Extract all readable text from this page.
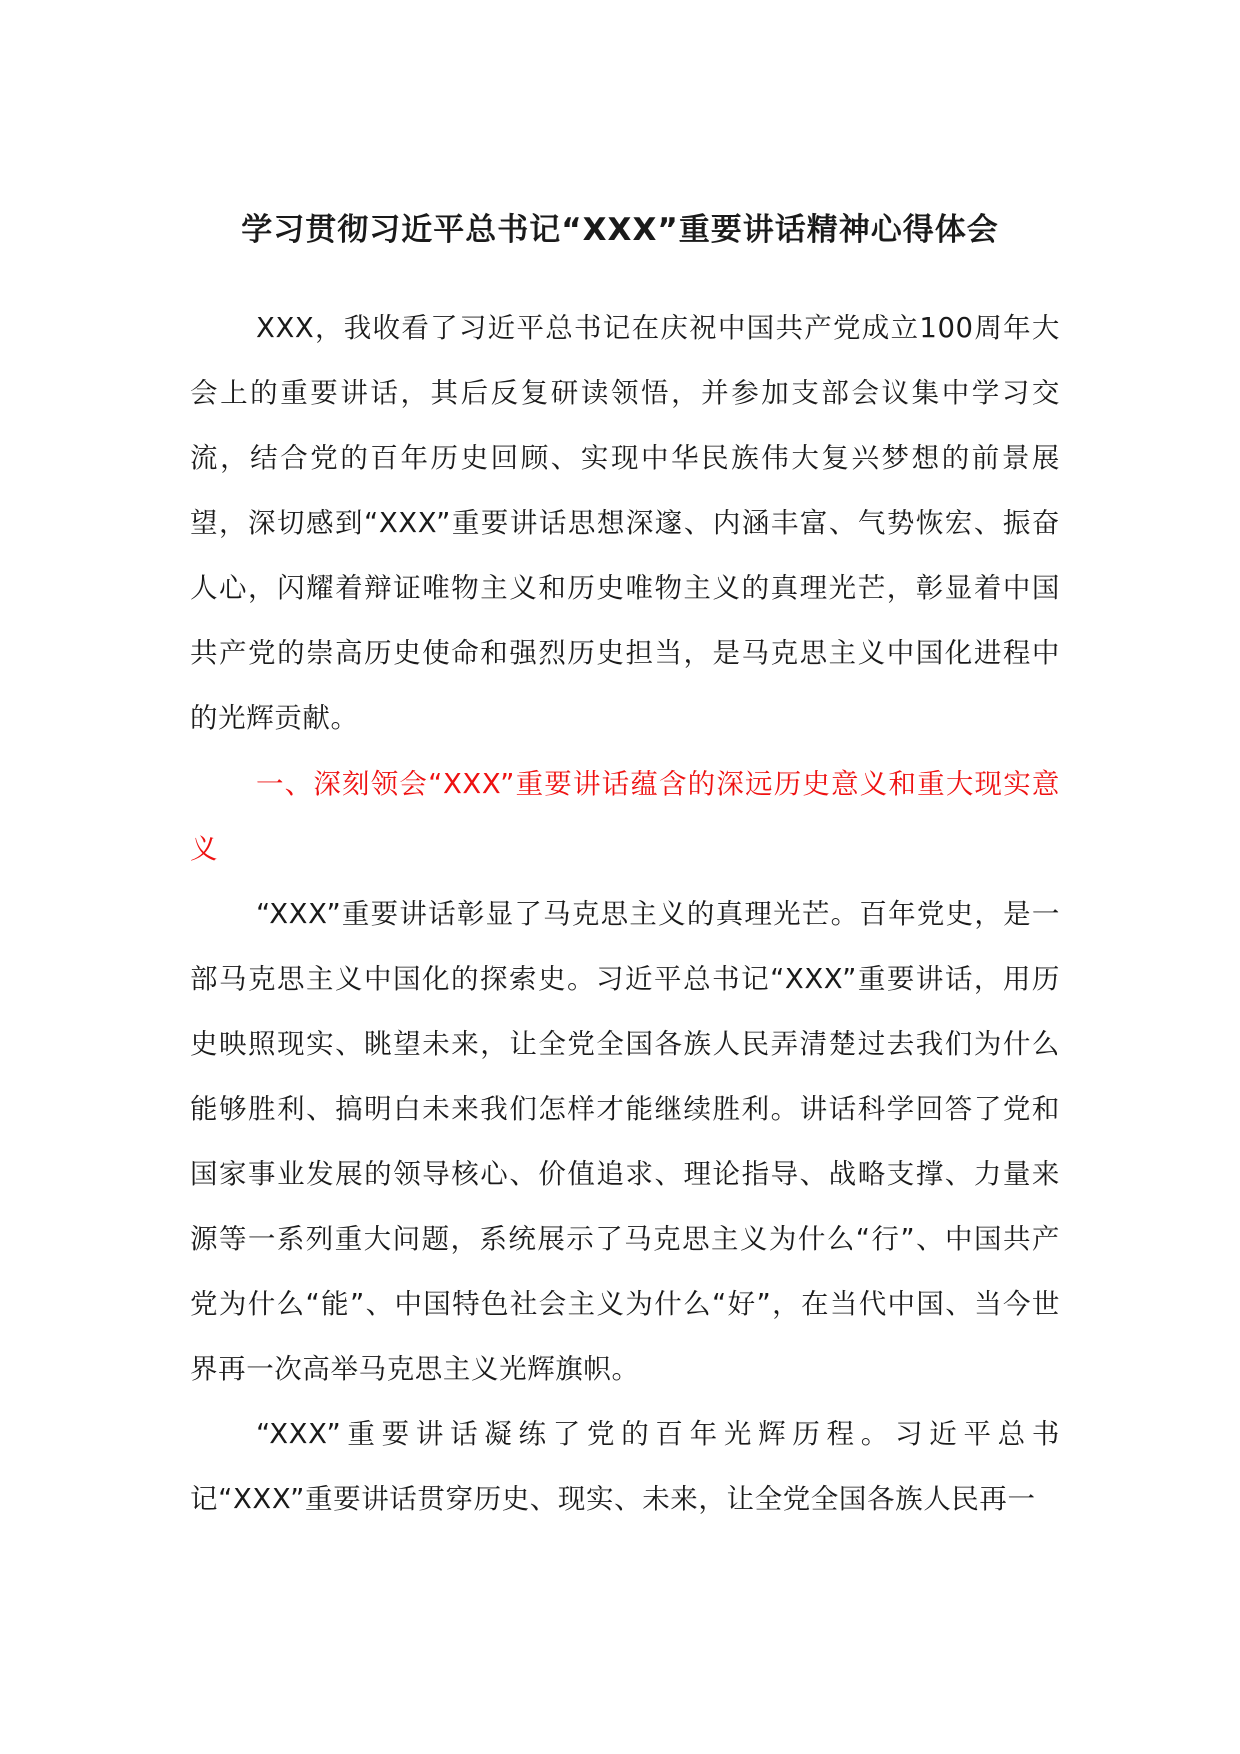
学习贯彻习近平总书记“XXX”重要讲话精神心得体会

XXX，我收看了习近平总书记在庆祝中国共产党成立100周年大会上的重要讲话，其后反复研读领悟，并参加支部会议集中学习交流，结合党的百年历史回顾、实现中华民族伟大复兴梦想的前景展望，深切感到“XXX”重要讲话思想深邃、内涵丰富、气势恢宏、振奋人心，闪耀着辩证唯物主义和历史唯物主义的真理光芒，彰显着中国共产党的崇高历史使命和强烈历史担当，是马克思主义中国化进程中的光辉贡献。

一、深刻领会“XXX”重要讲话蕴含的深远历史意义和重大现实意义

“XXX”重要讲话彰显了马克思主义的真理光芒。百年党史，是一部马克思主义中国化的探索史。习近平总书记“XXX”重要讲话，用历史映照现实、眺望未来，让全党全国各族人民弄清楚过去我们为什么能够胜利、搞明白未来我们怎样才能继续胜利。讲话科学回答了党和国家事业发展的领导核心、价值追求、理论指导、战略支撑、力量来源等一系列重大问题，系统展示了马克思主义为什么“行”、中国共产党为什么“能”、中国特色社会主义为什么“好”，在当代中国、当今世界再一次高举马克思主义光辉旗帜。

“XXX”重要讲话凝练了党的百年光辉历程。习近平总书记“XXX”重要讲话贯穿历史、现实、未来，让全党全国各族人民再一
